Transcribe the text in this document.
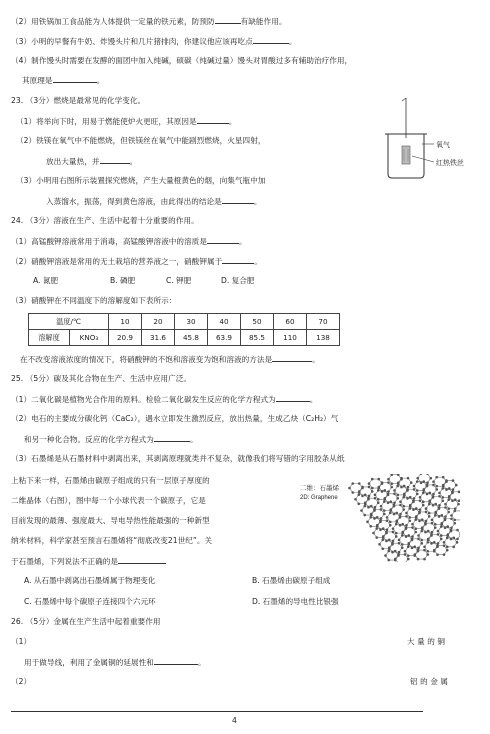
（2）用铁锅加工食品能为人体提供一定量的铁元素，防预防	有缺能作用。
（3）小明的早餐有牛奶、炸馒头片和几片猪排肉，你建议他应该再吃点	。
（4）制作馒头时需要在发酵的面团中加入纯碱，硕碳（纯碱过量）馒头对胃酸过多有辅助治疗作用，
其原理是	。
23. （3分）燃烧是最常见的化学变化。
（1）将举向下时，用易于燃能使炉火更旺，其原因是	。
（2）铁镁在氧气中不能燃烧，但铁镁丝在氧气中能剧烈燃烧，火星四射，
放出大量热，并	。
（3）小明用右图所示装置探究燃烧，产生大量橙黄色的烟，向集气瓶中加
入蒸馏水，振荡，得到黄色溶液，由此得出的结论是	。
24. （3分）溶液在生产、生活中起着十分重要的作用。
（1）高锰酸钾溶液常用于消毒，高锰酸钾溶液中的溶质是	。
（2）硝酸钾溶液是常用的无土栽培的营养液之一，硝酸钾属于	。
（3）硝酸钾在不同温度下的溶解度如下表所示：
在不改变溶液浓度的情况下，将硝酸钾的不饱和溶液变为饱和溶液的方法是	。
25. （5分）碳及其化合物在生产、生活中应用广泛。
（1）二氧化碳是植物光合作用的原料。检验二氧化碳发生反应的化学方程式为	。
（2）电石的主要成分碳化钙（CaC₂），遇水立即发生激烈反应，放出热量，生成乙炔（C₂H₂）气
和另一种化合物。反应的化学方程式为	。
（3）石墨烯是从石墨材料中剥离出来，其剥离原理就类并不复杂，就像我们将写错的字用胶条从纸
上粘下来一样，石墨烯由碳原子组成的只有一层原子厚度的
二维晶体（右图），图中每一个小球代表一个碳原子，它是
目前发现的最薄、强度最大、导电导热性能最强的一种新型
纳米材料，科学家甚至预言石墨烯将“彻底改变21世纪”。关
于石墨烯，下列说法不正确的是
26. （5分）金属在生产生活中起着重要作用
（1）
用于做导线，利用了金属铜的延展性和	。
（2）
大 量 的 铜
铝 的 金 属
A. 氮肥	B. 磷肥	C. 钾肥	D. 复合肥
温度/℃		10	20	30	40	50	60	70
溶解度	KNO₃	20.9	31.6	45.8	63.9	85.5	110	138
A. 从石墨中剥离出石墨烯属于物理变化	B. 石墨烯由碳原子组成
C. 石墨烯中每个碳原子连接四个六元环	D. 石墨烯的导电性比银强
氧气
红热铁丝
二维：石墨烯
2D: Graphene
4
